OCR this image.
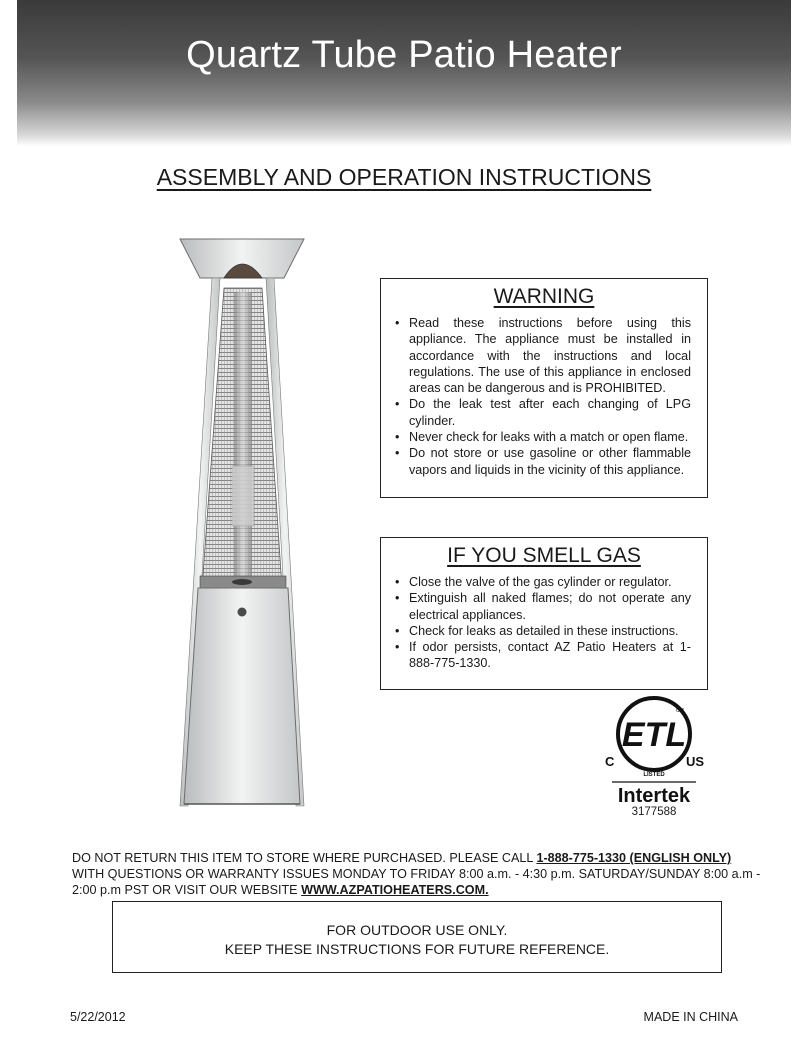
Quartz Tube Patio Heater
ASSEMBLY AND OPERATION INSTRUCTIONS
WARNING
• Read these instructions before using this appliance. The appliance must be installed in accordance with the instructions and local regulations. The use of this appliance in enclosed areas can be dangerous and is PROHIBITED.
• Do the leak test after each changing of LPG cylinder.
• Never check for leaks with a match or open flame.
• Do not store or use gasoline or other flammable vapors and liquids in the vicinity of this appliance.
IF YOU SMELL GAS
• Close the valve of the gas cylinder or regulator.
• Extinguish all naked flames; do not operate any electrical appliances.
• Check for leaks as detailed in these instructions.
• If odor persists, contact AZ Patio Heaters at 1-888-775-1330.
ETL
CM
C	US
LISTED
Intertek
3177588
DO NOT RETURN THIS ITEM TO STORE WHERE PURCHASED. PLEASE CALL 1-888-775-1330 (ENGLISH ONLY) WITH QUESTIONS OR WARRANTY ISSUES MONDAY TO FRIDAY 8:00 a.m. - 4:30 p.m. SATURDAY/SUNDAY 8:00 a.m - 2:00 p.m PST OR VISIT OUR WEBSITE WWW.AZPATIOHEATERS.COM.
FOR OUTDOOR USE ONLY.
KEEP THESE INSTRUCTIONS FOR FUTURE REFERENCE.
5/22/2012	MADE IN CHINA
